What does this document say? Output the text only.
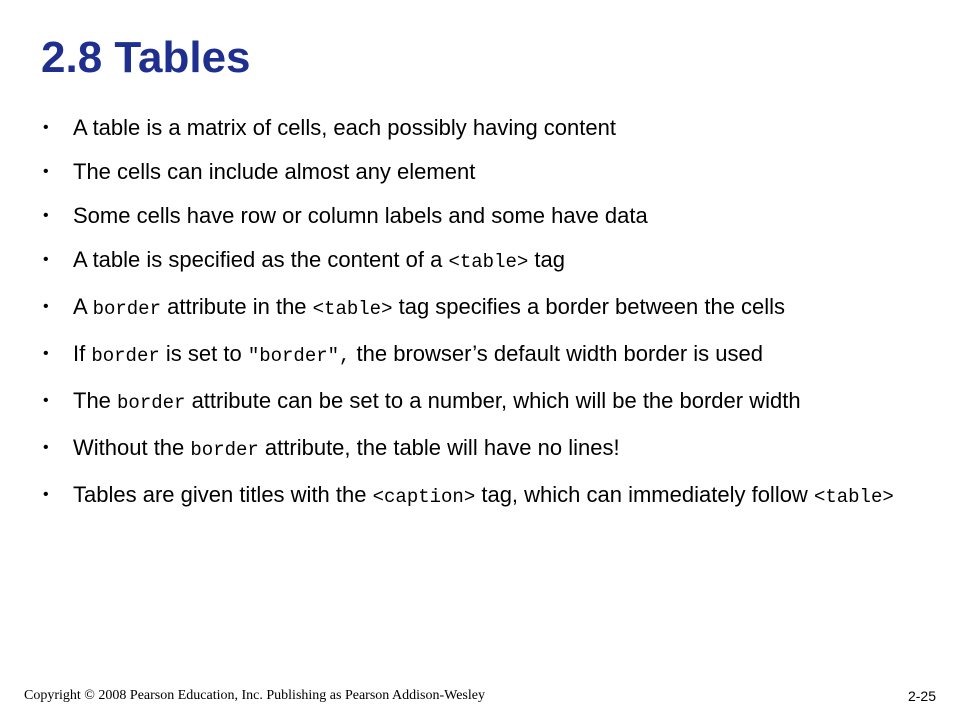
2.8 Tables
•	A table is a matrix of cells, each possibly having content
•	The cells can include almost any element
•	Some cells have row or column labels and some have data
•	A table is specified as the content of a <table> tag
•	A border attribute in the <table> tag specifies a border between the cells
•	If border is set to "border", the browser’s default width border is used
•	The border attribute can be set to a number, which will be the border width
•	Without the border attribute, the table will have no lines!
•	Tables are given titles with the <caption> tag, which can immediately follow <table>
Copyright © 2008 Pearson Education, Inc. Publishing as Pearson Addison-Wesley	2-25
